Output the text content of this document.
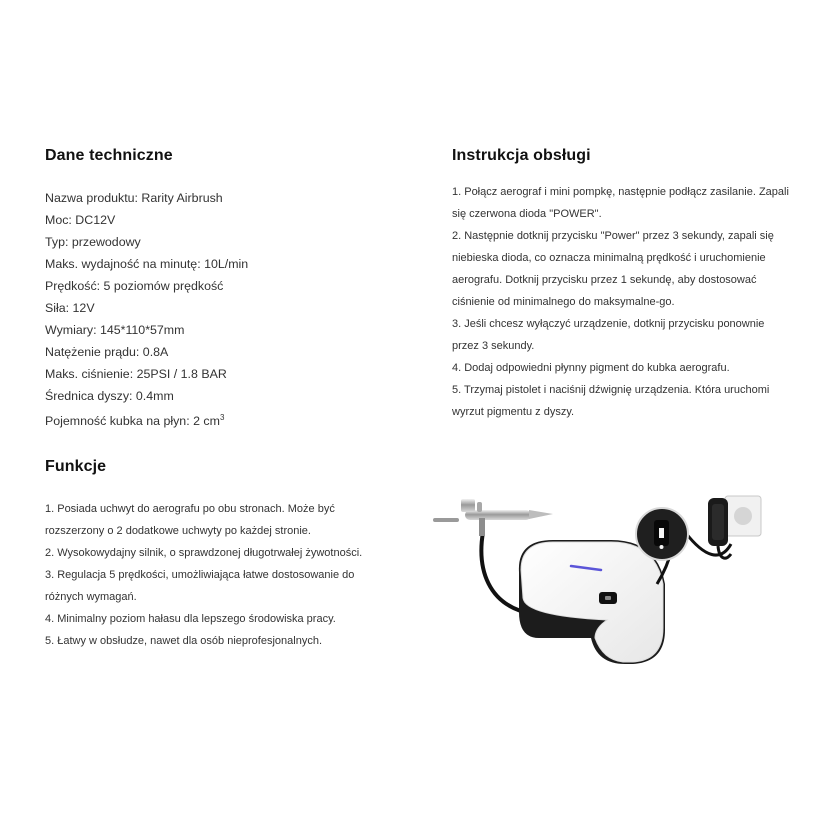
Dane techniczne
Nazwa produktu: Rarity Airbrush
Moc: DC12V
Typ: przewodowy
Maks. wydajność na minutę: 10L/min
Prędkość: 5 poziomów prędkość
Siła: 12V
Wymiary: 145*110*57mm
Natężenie prądu: 0.8A
Maks. ciśnienie: 25PSI / 1.8 BAR
Średnica dyszy: 0.4mm
Pojemność kubka na płyn: 2 $cm^3$
Instrukcja obsługi
1. Połącz aerograf i mini pompkę, następnie podłącz zasilanie. Zapali się czerwona dioda "POWER".
2. Następnie dotknij przycisku "Power" przez 3 sekundy, zapali się niebieska dioda, co oznacza minimalną prędkość i uruchomienie aerografu. Dotknij przycisku przez 1 sekundę, aby dostosować ciśnienie od minimalnego do maksymalne-go.
3. Jeśli chcesz wyłączyć urządzenie, dotknij przycisku ponownie przez 3 sekundy.
4. Dodaj odpowiedni płynny pigment do kubka aerografu.
5. Trzymaj pistolet i naciśnij dźwignię urządzenia. Która uruchomi wyrzut pigmentu z dyszy.
Funkcje
1. Posiada uchwyt do aerografu po obu stronach. Może być rozszerzony o 2 dodatkowe uchwyty po każdej stronie.
2. Wysokowydajny silnik, o sprawdzonej długotrwałej żywotności.
3. Regulacja 5 prędkości, umożliwiająca łatwe dostosowanie do różnych wymagań.
4. Minimalny poziom hałasu dla lepszego środowiska pracy.
5. Łatwy w obsłudze, nawet dla osób nieprofesjonalnych.
